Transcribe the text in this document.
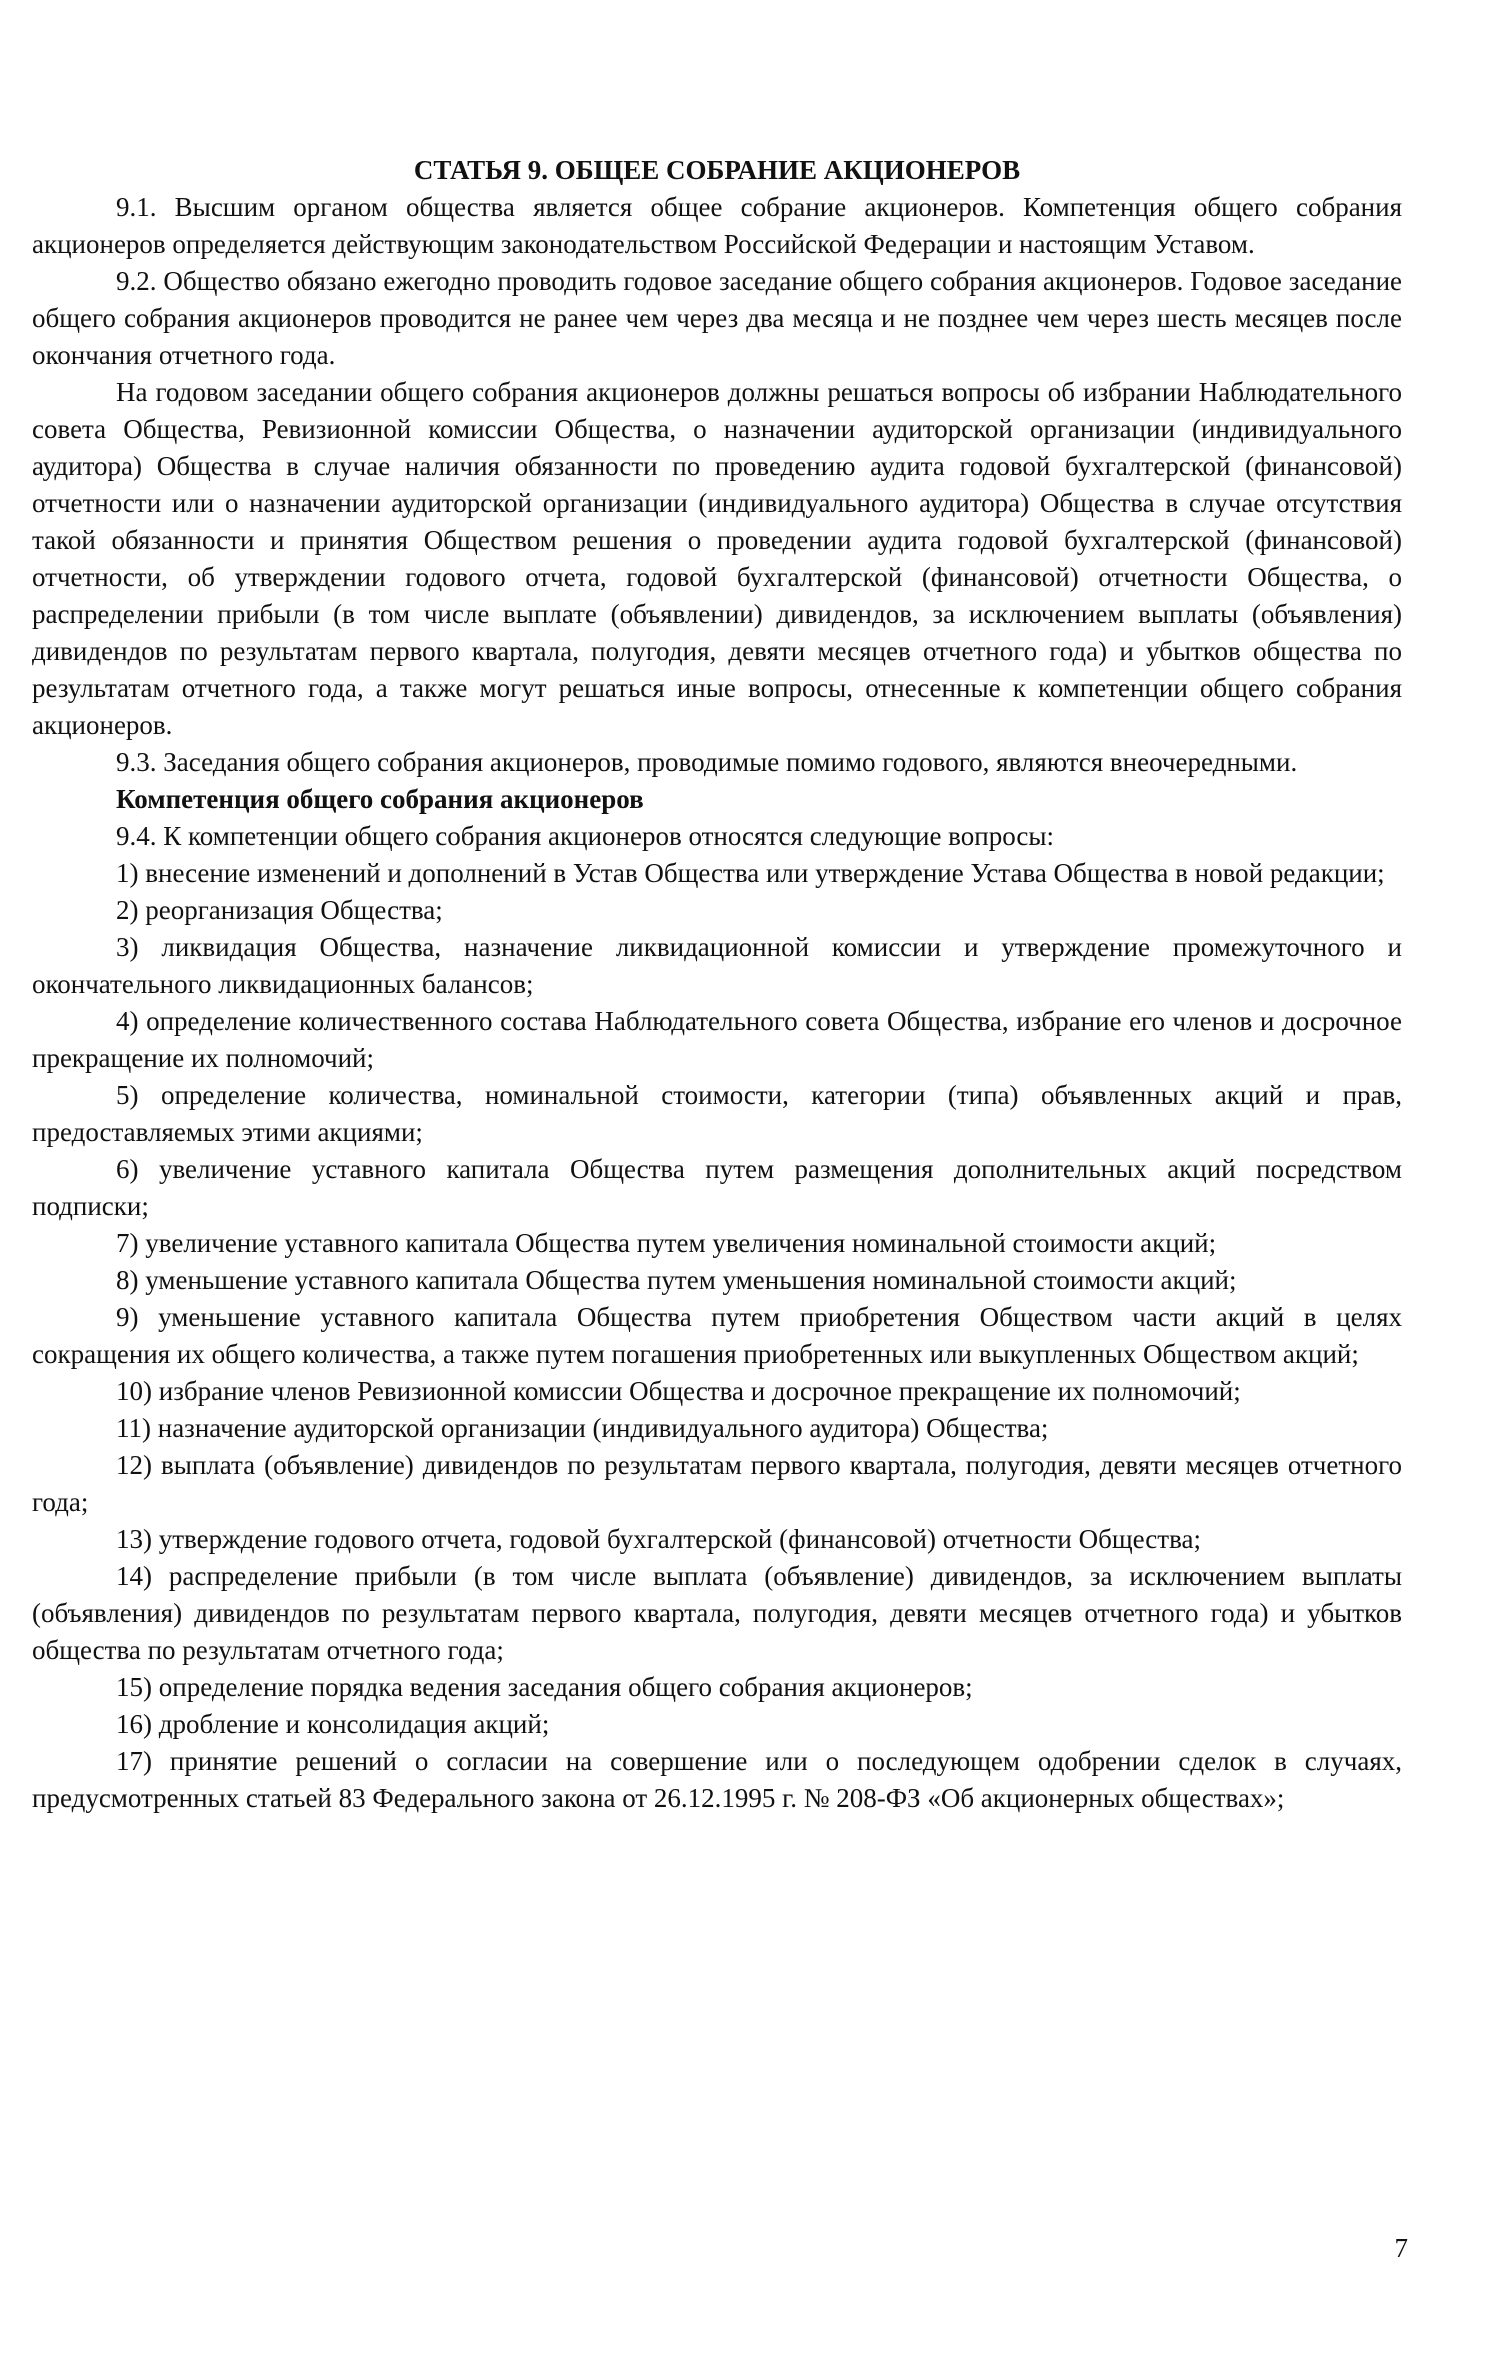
СТАТЬЯ 9. ОБЩЕЕ СОБРАНИЕ АКЦИОНЕРОВ

9.1. Высшим органом общества является общее собрание акционеров. Компетенция общего собрания акционеров определяется действующим законодательством Российской Федерации и настоящим Уставом.

9.2. Общество обязано ежегодно проводить годовое заседание общего собрания акционеров. Годовое заседание общего собрания акционеров проводится не ранее чем через два месяца и не позднее чем через шесть месяцев после окончания отчетного года.

На годовом заседании общего собрания акционеров должны решаться вопросы об избрании Наблюдательного совета Общества, Ревизионной комиссии Общества, о назначении аудиторской организации (индивидуального аудитора) Общества в случае наличия обязанности по проведению аудита годовой бухгалтерской (финансовой) отчетности или о назначении аудиторской организации (индивидуального аудитора) Общества в случае отсутствия такой обязанности и принятия Обществом решения о проведении аудита годовой бухгалтерской (финансовой) отчетности, об утверждении годового отчета, годовой бухгалтерской (финансовой) отчетности Общества, о распределении прибыли (в том числе выплате (объявлении) дивидендов, за исключением выплаты (объявления) дивидендов по результатам первого квартала, полугодия, девяти месяцев отчетного года) и убытков общества по результатам отчетного года, а также могут решаться иные вопросы, отнесенные к компетенции общего собрания акционеров.

9.3. Заседания общего собрания акционеров, проводимые помимо годового, являются внеочередными.

Компетенция общего собрания акционеров

9.4. К компетенции общего собрания акционеров относятся следующие вопросы:

1) внесение изменений и дополнений в Устав Общества или утверждение Устава Общества в новой редакции;

2) реорганизация Общества;

3) ликвидация Общества, назначение ликвидационной комиссии и утверждение промежуточного и окончательного ликвидационных балансов;

4) определение количественного состава Наблюдательного совета Общества, избрание его членов и досрочное прекращение их полномочий;

5) определение количества, номинальной стоимости, категории (типа) объявленных акций и прав, предоставляемых этими акциями;

6) увеличение уставного капитала Общества путем размещения дополнительных акций посредством подписки;

7) увеличение уставного капитала Общества путем увеличения номинальной стоимости акций;

8) уменьшение уставного капитала Общества путем уменьшения номинальной стоимости акций;

9) уменьшение уставного капитала Общества путем приобретения Обществом части акций в целях сокращения их общего количества, а также путем погашения приобретенных или выкупленных Обществом акций;

10) избрание членов Ревизионной комиссии Общества и досрочное прекращение их полномочий;

11) назначение аудиторской организации (индивидуального аудитора) Общества;

12) выплата (объявление) дивидендов по результатам первого квартала, полугодия, девяти месяцев отчетного года;

13) утверждение годового отчета, годовой бухгалтерской (финансовой) отчетности Общества;

14) распределение прибыли (в том числе выплата (объявление) дивидендов, за исключением выплаты (объявления) дивидендов по результатам первого квартала, полугодия, девяти месяцев отчетного года) и убытков общества по результатам отчетного года;

15) определение порядка ведения заседания общего собрания акционеров;

16) дробление и консолидация акций;

17) принятие решений о согласии на совершение или о последующем одобрении сделок в случаях, предусмотренных статьей 83 Федерального закона от 26.12.1995 г. № 208-ФЗ «Об акционерных обществах»;

7
